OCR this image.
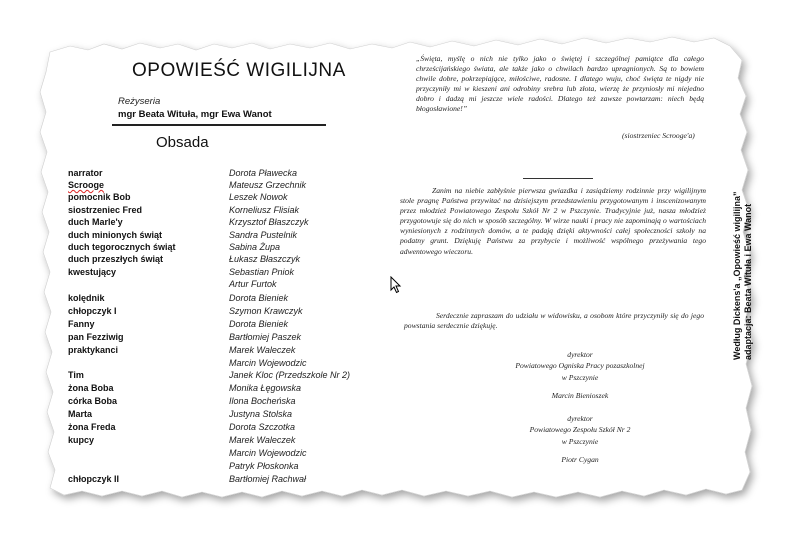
OPOWIEŚĆ WIGILIJNA
Reżyseria
mgr Beata Wituła, mgr Ewa Wanot
Obsada
narrator	Dorota Pławecka
Scrooge	Mateusz Grzechnik
pomocnik Bob	Leszek Nowok
siostrzeniec Fred	Korneliusz Flisiak
duch Marle'y	Krzysztof Błaszczyk
duch minionych świąt	Sandra Pustelnik
duch tegorocznych świąt	Sabina Żupa
duch przeszłych świąt	Łukasz Błaszczyk
kwestujący	Sebastian Pniok
Artur Furtok
kolędnik	Dorota Bieniek
chłopczyk I	Szymon Krawczyk
Fanny	Dorota Bieniek
pan Fezziwig	Bartłomiej Paszek
praktykanci	Marek Waleczek
Marcin Wojewodzic
Tim	Janek Kloc (Przedszkole Nr 2)
żona Boba	Monika Łęgowska
córka Boba	Ilona Bocheńska
Marta	Justyna Stolska
żona Freda	Dorota Szczotka
kupcy	Marek Waleczek
Marcin Wojewodzic
Patryk Płoskonka
chłopczyk II	Bartłomiej Rachwał
„Święta, myślę o nich nie tylko jako o świętej i szczególnej pamiątce dla całego chrześcijańskiego świata, ale także jako o chwilach bardzo upragnionych. Są to bowiem chwile dobre, pokrzepiające, miłościwe, radosne. I dlatego wuju, choć święta te nigdy nie przyczyniły mi w kieszeni ani odrobiny srebra lub złota, wierzę że przyniosły mi niejedno dobro i dadzą mi jeszcze wiele radości. Dlatego też zawsze powtarzam: niech będą błogosławione!”
(siostrzeniec Scrooge'a)
Zanim na niebie zabłyśnie pierwsza gwiazdka i zasiądziemy rodzinnie przy wigilijnym stole pragnę Państwa przywitać na dzisiejszym przedstawieniu przygotowanym i inscenizowanym przez młodzież Powiatowego Zespołu Szkół Nr 2 w Pszczynie. Tradycyjnie już, nasza młodzież przygotowuje się do nich w sposób szczególny. W wirze nauki i pracy nie zapominają o wartościach wyniesionych z rodzinnych domów, a te padają dzięki aktywności całej społeczności szkoły na podatny grunt. Dziękuję Państwu za przybycie i możliwość wspólnego przeżywania tego adwentowego wieczoru.
Serdecznie zapraszam do udziału w widowisku, a osobom które przyczyniły się do jego powstania serdecznie dziękuję.
dyrektor
Powiatowego Ogniska Pracy pozaszkolnej
w Pszczynie
Marcin Bienioszek
dyrektor
Powiatowego Zespołu Szkół Nr 2
w Pszczynie
Piotr Cygan
Według Dickens'a „Opowieść wigilijna” adaptacja: Beata Wituła i Ewa Wanot
